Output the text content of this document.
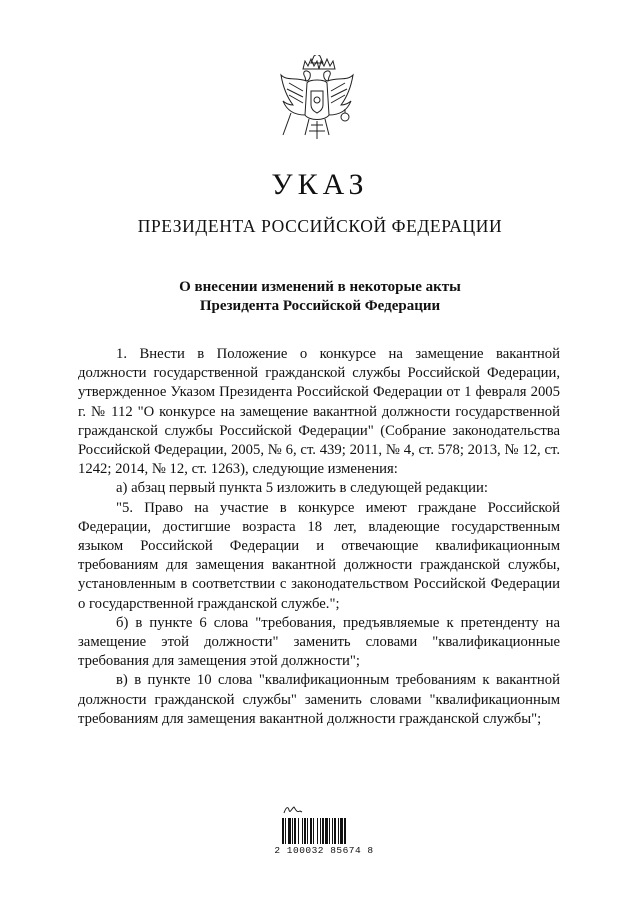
УКАЗ
ПРЕЗИДЕНТА РОССИЙСКОЙ ФЕДЕРАЦИИ
О внесении изменений в некоторые акты
Президента Российской Федерации

1. Внести в Положение о конкурсе на замещение вакантной должности государственной гражданской службы Российской Федерации, утвержденное Указом Президента Российской Федерации от 1 февраля 2005 г. № 112 "О конкурсе на замещение вакантной должности государственной гражданской службы Российской Федерации" (Собрание законодательства Российской Федерации, 2005, № 6, ст. 439; 2011, № 4, ст. 578; 2013, № 12, ст. 1242; 2014, № 12, ст. 1263), следующие изменения:

а) абзац первый пункта 5 изложить в следующей редакции:

"5. Право на участие в конкурсе имеют граждане Российской Федерации, достигшие возраста 18 лет, владеющие государственным языком Российской Федерации и отвечающие квалификационным требованиям для замещения вакантной должности гражданской службы, установленным в соответствии с законодательством Российской Федерации о государственной гражданской службе.";

б) в пункте 6 слова "требования, предъявляемые к претенденту на замещение этой должности" заменить словами "квалификационные требования для замещения этой должности";

в) в пункте 10 слова "квалификационным требованиям к вакантной должности гражданской службы" заменить словами "квалификационным требованиям для замещения вакантной должности гражданской службы";

2 100032 85674 8
